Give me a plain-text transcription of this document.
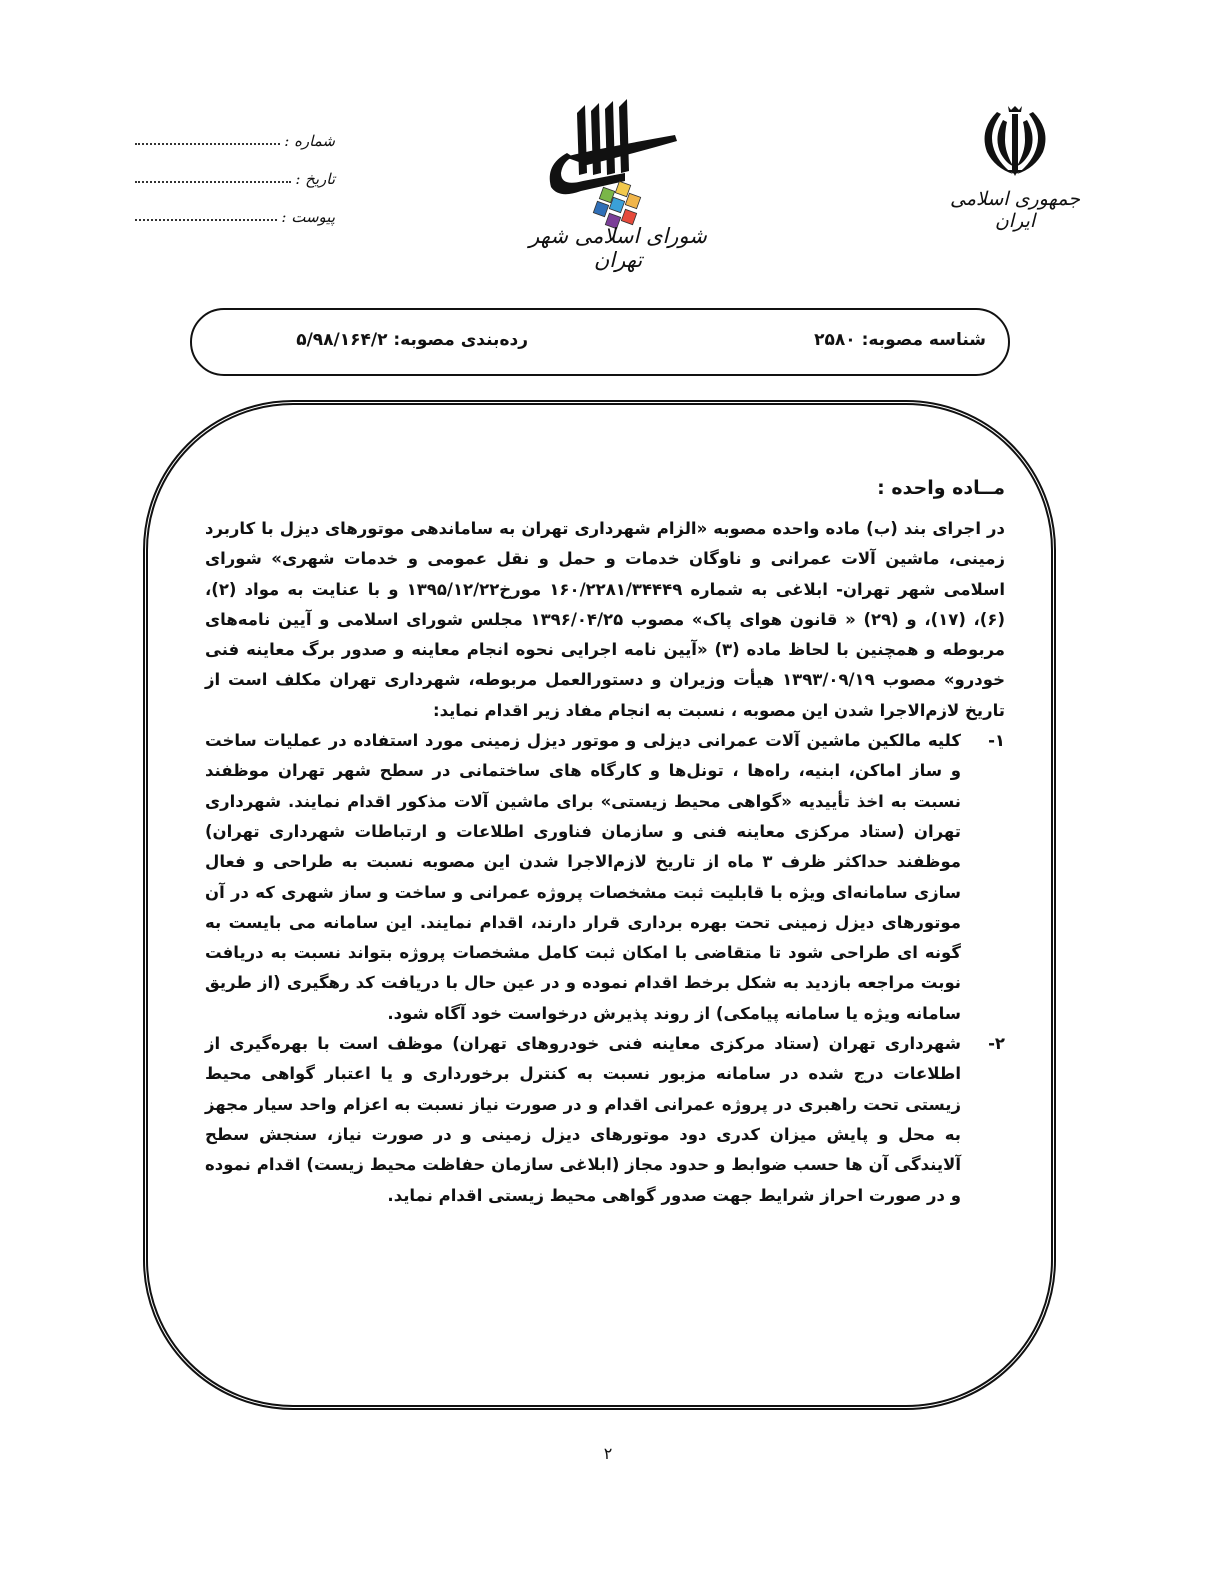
شماره :
تاریخ :
پیوست :
شورای اسلامی شهر تهران
جمهوری اسلامی ایران
شناسه مصوبه: ۲۵۸۰
رده‌بندی مصوبه: ۵/۹۸/۱۶۴/۲
مــاده واحده :

در اجرای بند (ب) ماده واحده مصوبه «الزام شهرداری تهران به ساماندهی موتورهای دیزل با کاربرد زمینی، ماشین آلات عمرانی و ناوگان خدمات و حمل و نقل عمومی و خدمات شهری» شورای اسلامی شهر تهران- ابلاغی به شماره ۱۶۰/۲۲۸۱/۳۴۴۴۹ مورخ۱۳۹۵/۱۲/۲۲ و با عنایت به مواد (۲)، (۶)، (۱۷)، و (۲۹) « قانون هوای پاک» مصوب ۱۳۹۶/۰۴/۲۵ مجلس شورای اسلامی و آیین نامه‌های مربوطه و همچنین با لحاظ ماده (۳) «آیین نامه اجرایی نحوه انجام معاینه و صدور برگ معاینه فنی خودرو» مصوب ۱۳۹۳/۰۹/۱۹ هیأت وزیران و دستورالعمل مربوطه، شهرداری تهران مکلف است از تاریخ لازم‌الاجرا شدن این مصوبه ، نسبت به انجام مفاد زیر اقدام نماید:

۱-

کلیه مالکین ماشین آلات عمرانی دیزلی و موتور دیزل زمینی مورد استفاده در عملیات ساخت و ساز اماکن، ابنیه، راه‌ها ، تونل‌ها و کارگاه های ساختمانی در سطح شهر تهران موظفند نسبت به اخذ تأییدیه «گواهی محیط زیستی» برای ماشین آلات مذکور اقدام نمایند. شهرداری تهران (ستاد مرکزی معاینه فنی و سازمان فناوری اطلاعات و ارتباطات شهرداری تهران) موظفند حداکثر ظرف ۳ ماه از تاریخ لازم‌الاجرا شدن این مصوبه نسبت به طراحی و فعال سازی سامانه‌ای ویژه با قابلیت ثبت مشخصات پروژه عمرانی و ساخت و ساز شهری که در آن موتورهای دیزل زمینی تحت بهره برداری قرار دارند، اقدام نمایند. این سامانه می بایست به گونه ای طراحی شود تا متقاضی با امکان ثبت کامل مشخصات پروژه بتواند نسبت به دریافت نوبت مراجعه بازدید به شکل برخط اقدام نموده و در عین حال با دریافت کد رهگیری (از طریق سامانه ویژه یا سامانه پیامکی) از روند پذیرش درخواست خود آگاه شود.

۲-

شهرداری تهران (ستاد مرکزی معاینه فنی خودروهای تهران) موظف است با بهره‌گیری از اطلاعات درج شده در سامانه مزبور نسبت به کنترل برخورداری و یا اعتبار گواهی محیط زیستی تحت راهبری در پروژه عمرانی اقدام و در صورت نیاز نسبت به اعزام واحد سیار مجهز به محل و پایش میزان کدری دود موتورهای دیزل زمینی و در صورت نیاز، سنجش سطح آلایندگی آن ها حسب ضوابط و حدود مجاز (ابلاغی سازمان حفاظت محیط زیست) اقدام نموده و در صورت احراز شرایط جهت صدور گواهی محیط زیستی اقدام نماید.

۲
